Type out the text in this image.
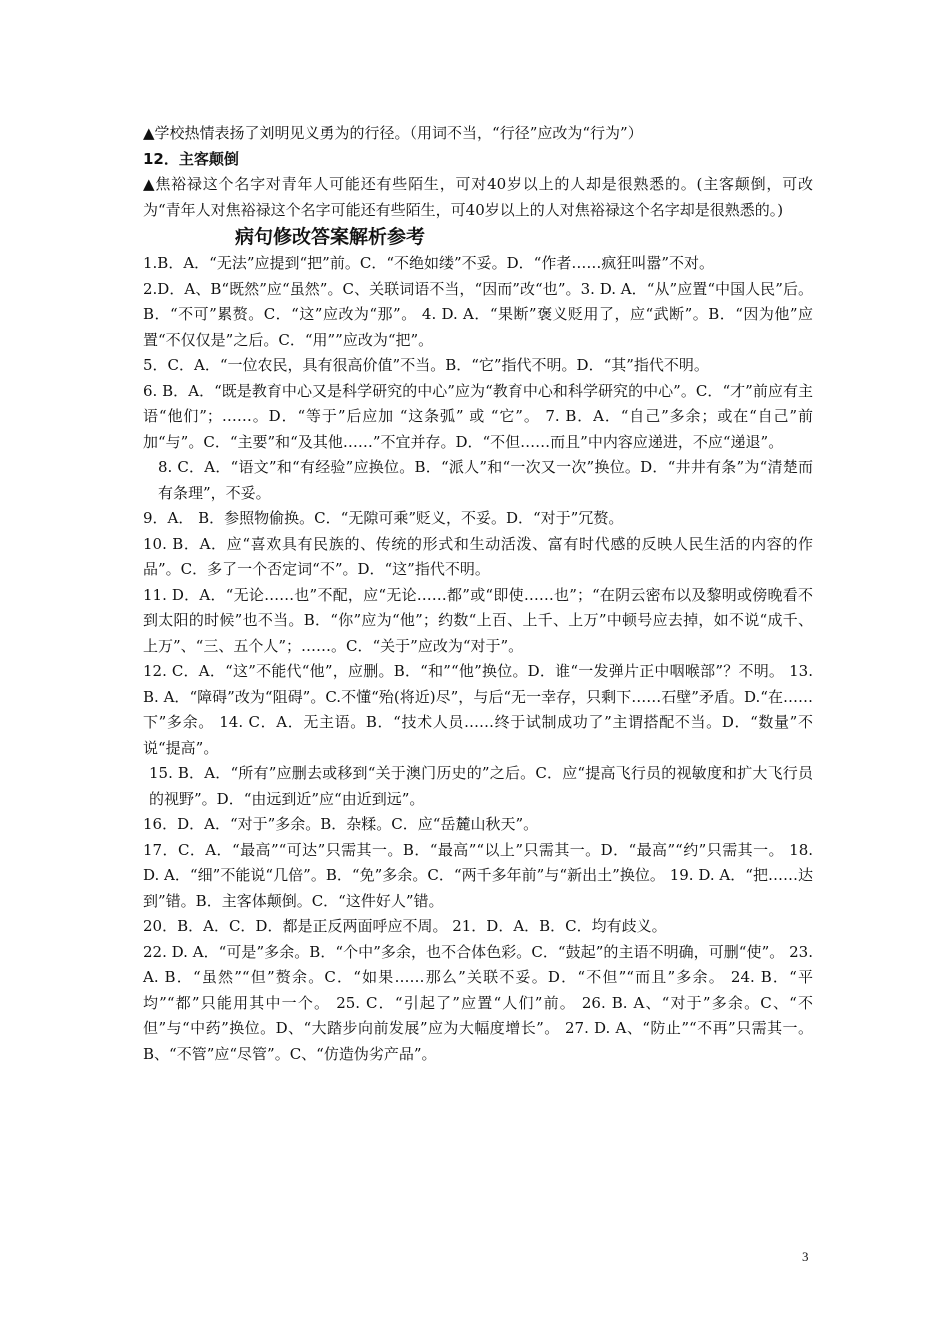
▲学校热情表扬了刘明见义勇为的行径。（用词不当，“行径”应改为“行为”）

12．主客颠倒

▲焦裕禄这个名字对青年人可能还有些陌生，可对40岁以上的人却是很熟悉的。(主客颠倒，可改为“青年人对焦裕禄这个名字可能还有些陌生，可40岁以上的人对焦裕禄这个名字却是很熟悉的。)

病句修改答案解析参考

1.B．A．“无法”应提到“把”前。C．“不绝如缕”不妥。D．“作者……疯狂叫嚣”不对。

2.D．A、B“既然”应“虽然”。C、关联词语不当，“因而”改“也”。3. D. A．“从”应置“中国人民”后。B．“不可”累赘。C．“这”应改为“那”。 4. D. A．“果断”褒义贬用了，应“武断”。B．“因为他”应置“不仅仅是”之后。C．“用””应改为“把”。

5．C．A．“一位农民，具有很高价值”不当。B．“它”指代不明。D．“其”指代不明。

6. B．A．“既是教育中心又是科学研究的中心”应为“教育中心和科学研究的中心”。C．“才”前应有主语“他们”；……。D．“等于”后应加 “这条弧” 或 “它”。 7. B．A．“自己”多余；或在“自己”前加“与”。C．“主要”和“及其他……”不宜并存。D．“不但……而且”中内容应递进，不应“递退”。

8. C．A．“语文”和“有经验”应换位。B．“派人”和“一次又一次”换位。D．“井井有条”为“清楚而有条理”，不妥。

9．A． B．参照物偷换。C．“无隙可乘”贬义，不妥。D．“对于”冗赘。

10. B．A．应“喜欢具有民族的、传统的形式和生动活泼、富有时代感的反映人民生活的内容的作品”。C．多了一个否定词“不”。D．“这”指代不明。

11. D．A．“无论……也”不配，应“无论……都”或“即使……也”；“在阴云密布以及黎明或傍晚看不到太阳的时候”也不当。B．“你”应为“他”；约数“上百、上千、上万”中顿号应去掉，如不说“成千、上万”、“三、五个人”；……。C．“关于”应改为“对于”。

12. C．A．“这”不能代“他”，应删。B．“和”“他”换位。D．谁“一发弹片正中咽喉部”？不明。 13. B. A．“障碍”改为“阻碍”。C.不懂“殆(将近)尽”，与后“无一幸存，只剩下……石壁”矛盾。D.“在……下”多余。 14. C．A．无主语。B．“技术人员……终于试制成功了”主谓搭配不当。D．“数量”不说“提高”。

15. B．A．“所有”应删去或移到“关于澳门历史的”之后。C．应“提高飞行员的视敏度和扩大飞行员的视野”。D．“由远到近”应“由近到远”。

16．D．A．“对于”多余。B．杂糅。C．应“岳麓山秋天”。

17．C．A．“最高”“可达”只需其一。B．“最高”“以上”只需其一。D．“最高”“约”只需其一。 18. D. A．“细”不能说“几倍”。B．“免”多余。C．“两千多年前”与“新出土”换位。 19. D. A．“把……达到”错。B．主客体颠倒。C．“这件好人”错。

20．B．A．C．D．都是正反两面呼应不周。 21．D．A．B．C．均有歧义。

22. D. A．“可是”多余。B．“个中”多余，也不合体色彩。C．“鼓起”的主语不明确，可删“使”。 23. A. B．“虽然”“但”赘余。C．“如果……那么”关联不妥。D．“不但”“而且”多余。 24. B．“平均”“都”只能用其中一个。 25. C．“引起了”应置“人们”前。 26. B. A、“对于”多余。C、“不但”与“中药”换位。D、“大踏步向前发展”应为大幅度增长”。 27. D. A、“防止”“不再”只需其一。B、“不管”应“尽管”。C、“仿造伪劣产品”。

3
